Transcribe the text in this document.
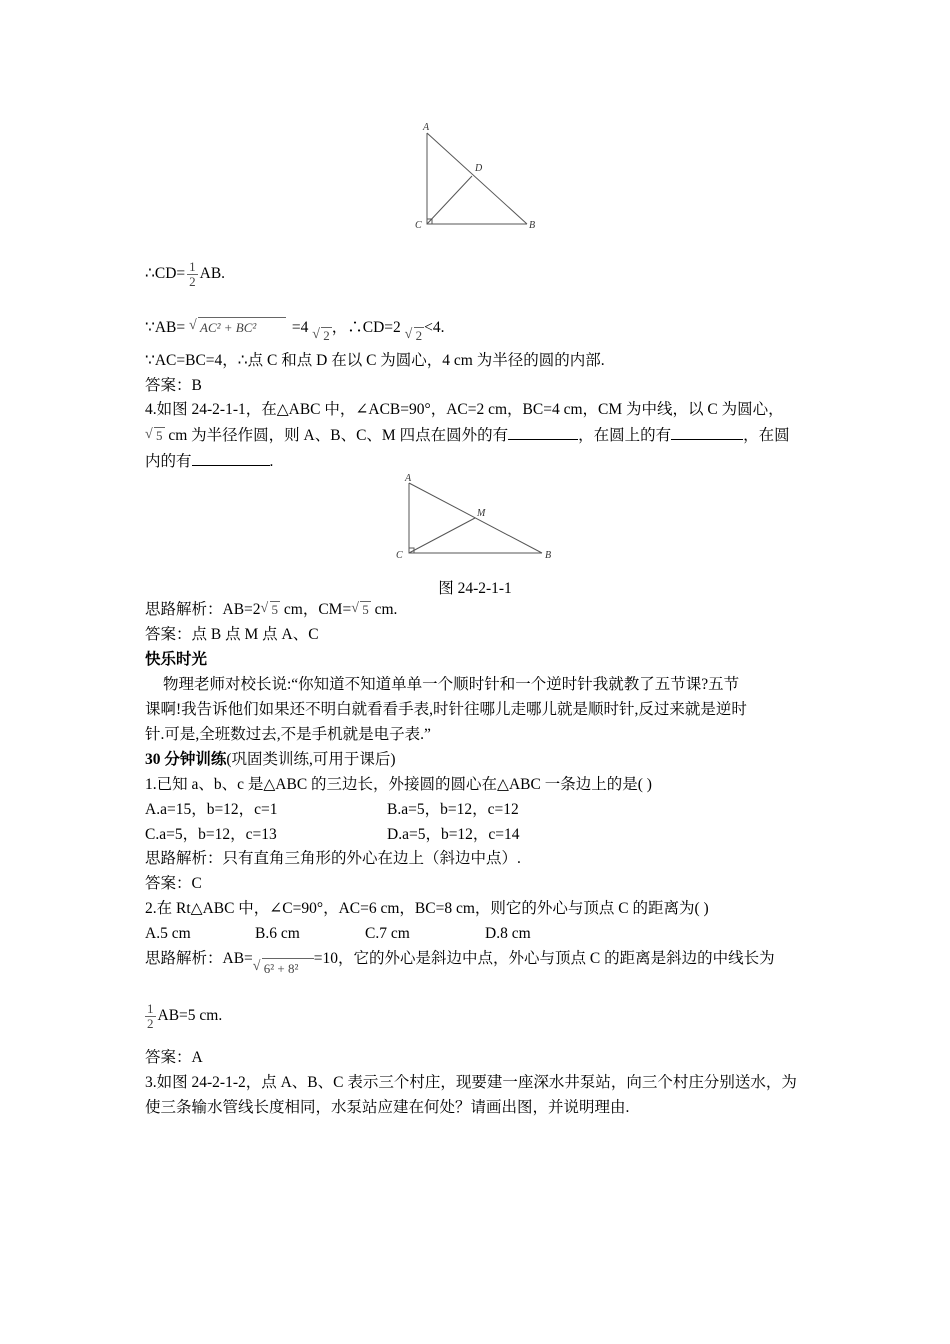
A
D
C	B
∴CD= $\frac{1}{2}$ AB.
∵AB= √ AC² + BC² =4 √ 2 ，∴CD=2 √ 2 <4.
∵AC=BC=4，∴点 C 和点 D 在以 C 为圆心，4 cm 为半径的圆的内部.
答案：B
4.如图 24-2-1-1，在△ABC 中，∠ACB=90°，AC=2 cm，BC=4 cm，CM 为中线，以 C 为圆心，
√ 5 cm 为半径作圆，则 A、B、C、M 四点在圆外的有	，在圆上的有	，在圆
内的有	.
A
M
C	B
图 24-2-1-1
思路解析：AB=2 √ 5 cm，CM= √ 5 cm.
答案：点 B 点 M 点 A、C
快乐时光
物理老师对校长说:“你知道不知道单单一个顺时针和一个逆时针我就教了五节课?五节
课啊!我告诉他们如果还不明白就看看手表,时针往哪儿走哪儿就是顺时针,反过来就是逆时
针.可是,全班数过去,不是手机就是电子表.”
30 分钟训练(巩固类训练,可用于课后)
1.已知 a、b、c 是△ABC 的三边长，外接圆的圆心在△ABC 一条边上的是( )
A.a=15，b=12，c=1	B.a=5，b=12，c=12
C.a=5，b=12，c=13	D.a=5，b=12，c=14
思路解析：只有直角三角形的外心在边上（斜边中点）.
答案：C
2.在 Rt△ABC 中，∠C=90°，AC=6 cm，BC=8 cm，则它的外心与顶点 C 的距离为( )
A.5 cm	B.6 cm	C.7 cm	D.8 cm
思路解析：AB=√ 6² + 8²=10，它的外心是斜边中点，外心与顶点 C 的距离是斜边的中线长为
$\frac{1}{2} AB=5$ cm.
答案：A
3.如图 24-2-1-2，点 A、B、C 表示三个村庄，现要建一座深水井泵站，向三个村庄分别送水，为
使三条输水管线长度相同，水泵站应建在何处？请画出图，并说明理由.
